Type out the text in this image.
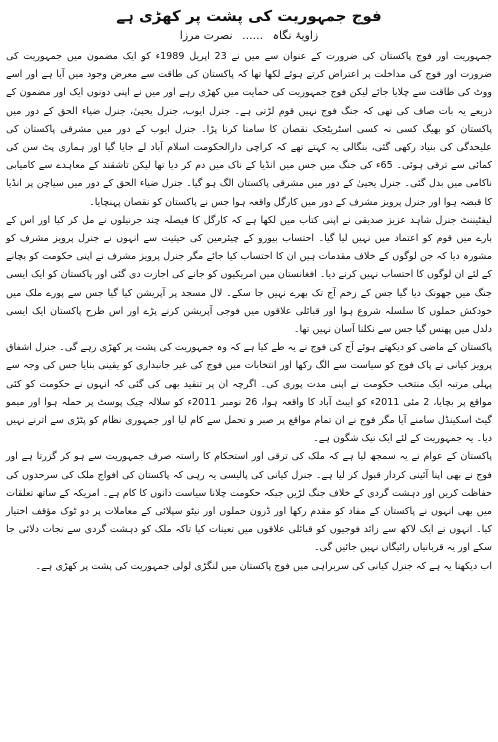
فوج جمہوریت کی پشت پر کھڑی ہے
زاویۂ نگاہ ...... نصرت مرزا

جمہوریت اور فوج پاکستان کی ضرورت کے عنوان سے میں نے 23 اپریل 1989ء کو ایک مضمون میں جمہوریت کی ضرورت اور فوج کی مداخلت پر اعتراض کرتے ہوئے لکھا تھا کہ پاکستان کی طاقت سے معرض وجود میں آیا ہے اور اسے ووٹ کی طاقت سے چلایا جائے لیکن فوج جمہوریت کی حمایت میں کھڑی رہے اور میں نے اپنی دونوں ایک اور مضمون کے ذریعے یہ بات صاف کی تھی کہ جنگ فوج نہیں قوم لڑتی ہے۔ جنرل ایوب، جنرل یحییٰ، جنرل ضیاء الحق کے دور میں پاکستان کو بھیگ کسی نہ کسی اسٹریٹجک نقصان کا سامنا کرنا پڑا۔ جنرل ایوب کے دور میں مشرقی پاکستان کی علیحدگی کی بنیاد رکھی گئی، بنگالی یہ کہتے تھے کہ کراچی دارالحکومت اسلام آباد لے جایا گیا اور ہماری پٹ سن کی کمائی سے ترقی ہوئی۔ 65ء کی جنگ میں جس میں انڈیا کے ناک میں دم کر دیا تھا لیکن تاشقند کے معاہدے سے کامیابی ناکامی میں بدل گئی۔ جنرل یحییٰ کے دور میں مشرقی پاکستان الگ ہو گیا۔ جنرل ضیاء الحق کے دور میں سیاچن پر انڈیا کا قبضہ ہوا اور جنرل پرویز مشرف کے دور میں کارگل واقعہ ہوا جس نے پاکستان کو نقصان پہنچایا۔

لیفٹیننٹ جنرل شاہد عزیز صدیقی نے اپنی کتاب میں لکھا ہے کہ کارگل کا فیصلہ چند جرنیلوں نے مل کر کیا اور اس کے بارے میں قوم کو اعتماد میں نہیں لیا گیا۔ احتساب بیورو کے چیئرمین کی حیثیت سے انہوں نے جنرل پرویز مشرف کو مشورہ دیا کہ جن لوگوں کے خلاف مقدمات ہیں ان کا احتساب کیا جائے مگر جنرل پرویز مشرف نے اپنی حکومت کو بچانے کے لئے ان لوگوں کا احتساب نہیں کرنے دیا۔ افغانستان میں امریکیوں کو جانے کی اجازت دی گئی اور پاکستان کو ایک ایسی جنگ میں جھونک دیا گیا جس کے زخم آج تک بھرے نہیں جا سکے۔ لال مسجد پر آپریشن کیا گیا جس سے پورے ملک میں خودکش حملوں کا سلسلہ شروع ہوا اور قبائلی علاقوں میں فوجی آپریشن کرنے پڑے اور اس طرح پاکستان ایک ایسی دلدل میں پھنس گیا جس سے نکلنا آسان نہیں تھا۔

پاکستان کے ماضی کو دیکھتے ہوئے آج کی فوج نے یہ طے کیا ہے کہ وہ جمہوریت کی پشت پر کھڑی رہے گی۔ جنرل اشفاق پرویز کیانی نے پاک فوج کو سیاست سے الگ رکھا اور انتخابات میں فوج کی غیر جانبداری کو یقینی بنایا جس کی وجہ سے پہلی مرتبہ ایک منتخب حکومت نے اپنی مدت پوری کی۔ اگرچہ ان پر تنقید بھی کی گئی کہ انہوں نے حکومت کو کئی مواقع پر بچایا، 2 مئی 2011ء کو ایبٹ آباد کا واقعہ ہوا، 26 نومبر 2011ء کو سلالہ چیک پوسٹ پر حملہ ہوا اور میمو گیٹ اسکینڈل سامنے آیا مگر فوج نے ان تمام مواقع پر صبر و تحمل سے کام لیا اور جمہوری نظام کو پٹڑی سے اترنے نہیں دیا۔ یہ جمہوریت کے لئے ایک نیک شگون ہے۔

پاکستان کے عوام نے یہ سمجھ لیا ہے کہ ملک کی ترقی اور استحکام کا راستہ صرف جمہوریت سے ہو کر گزرتا ہے اور فوج نے بھی اپنا آئینی کردار قبول کر لیا ہے۔ جنرل کیانی کی پالیسی یہ رہی کہ پاکستان کی افواج ملک کی سرحدوں کی حفاظت کریں اور دہشت گردی کے خلاف جنگ لڑیں جبکہ حکومت چلانا سیاست دانوں کا کام ہے۔ امریکہ کے ساتھ تعلقات میں بھی انہوں نے پاکستان کے مفاد کو مقدم رکھا اور ڈرون حملوں اور نیٹو سپلائی کے معاملات پر دو ٹوک مؤقف اختیار کیا۔ انہوں نے ایک لاکھ سے زائد فوجیوں کو قبائلی علاقوں میں تعینات کیا تاکہ ملک کو دہشت گردی سے نجات دلائی جا سکے اور یہ قربانیاں رائیگاں نہیں جائیں گی۔

اب دیکھنا یہ ہے کہ جنرل کیانی کی سربراہی میں فوج پاکستان میں لنگڑی لولی جمہوریت کی پشت پر کھڑی ہے۔
